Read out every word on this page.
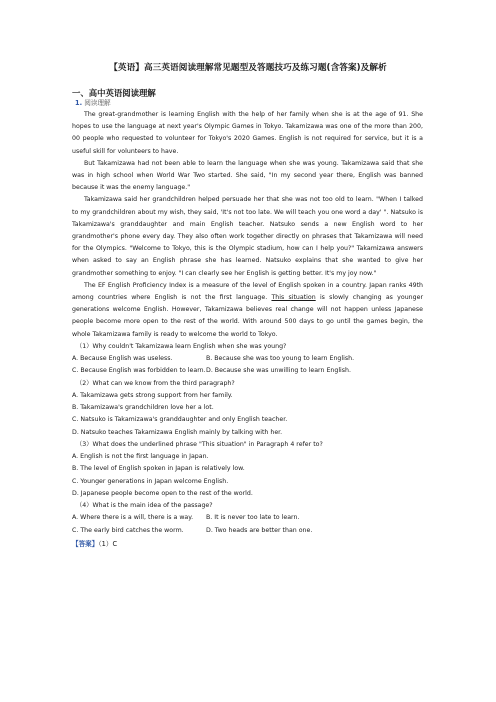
【英语】高三英语阅读理解常见题型及答题技巧及练习题(含答案)及解析
一、高中英语阅读理解
1. 阅读理解

The great-grandmother is learning English with the help of her family when she is at the age of 91. She hopes to use the language at next year's Olympic Games in Tokyo. Takamizawa was one of the more than 200, 00 people who requested to volunteer for Tokyo's 2020 Games. English is not required for service, but it is a useful skill for volunteers to have.

But Takamizawa had not been able to learn the language when she was young. Takamizawa said that she was in high school when World War Two started. She said, "In my second year there, English was banned because it was the enemy language."

Takamizawa said her grandchildren helped persuade her that she was not too old to learn. "When I talked to my grandchildren about my wish, they said, 'It's not too late. We will teach you one word a day' ". Natsuko is Takamizawa's granddaughter and main English teacher. Natsuko sends a new English word to her grandmother's phone every day. They also often work together directly on phrases that Takamizawa will need for the Olympics. "Welcome to Tokyo, this is the Olympic stadium, how can I help you?" Takamizawa answers when asked to say an English phrase she has learned. Natsuko explains that she wanted to give her grandmother something to enjoy. "I can clearly see her English is getting better. It's my joy now."

The EF English Proficiency Index is a measure of the level of English spoken in a country. Japan ranks 49th among countries where English is not the first language. This situation is slowly changing as younger generations welcome English. However, Takamizawa believes real change will not happen unless Japanese people become more open to the rest of the world. With around 500 days to go until the games begin, the whole Takamizawa family is ready to welcome the world to Tokyo.

（1）Why couldn't Takamizawa learn English when she was young?

A. Because English was useless.	B. Because she was too young to learn English.
C. Because English was forbidden to learn. D. Because she was unwilling to learn English.

（2）What can we know from the third paragraph?

A. Takamizawa gets strong support from her family.

B. Takamizawa's grandchildren love her a lot.

C. Natsuko is Takamizawa's granddaughter and only English teacher.

D. Natsuko teaches Takamizawa English mainly by talking with her.

（3）What does the underlined phrase "This situation" in Paragraph 4 refer to?

A. English is not the first language in Japan.

B. The level of English spoken in Japan is relatively low.

C. Younger generations in Japan welcome English.

D. Japanese people become open to the rest of the world.

（4）What is the main idea of the passage?

A. Where there is a will, there is a way.	B. It is never too late to learn.
C. The early bird catches the worm.	D. Two heads are better than one.
【答案】（1）C
